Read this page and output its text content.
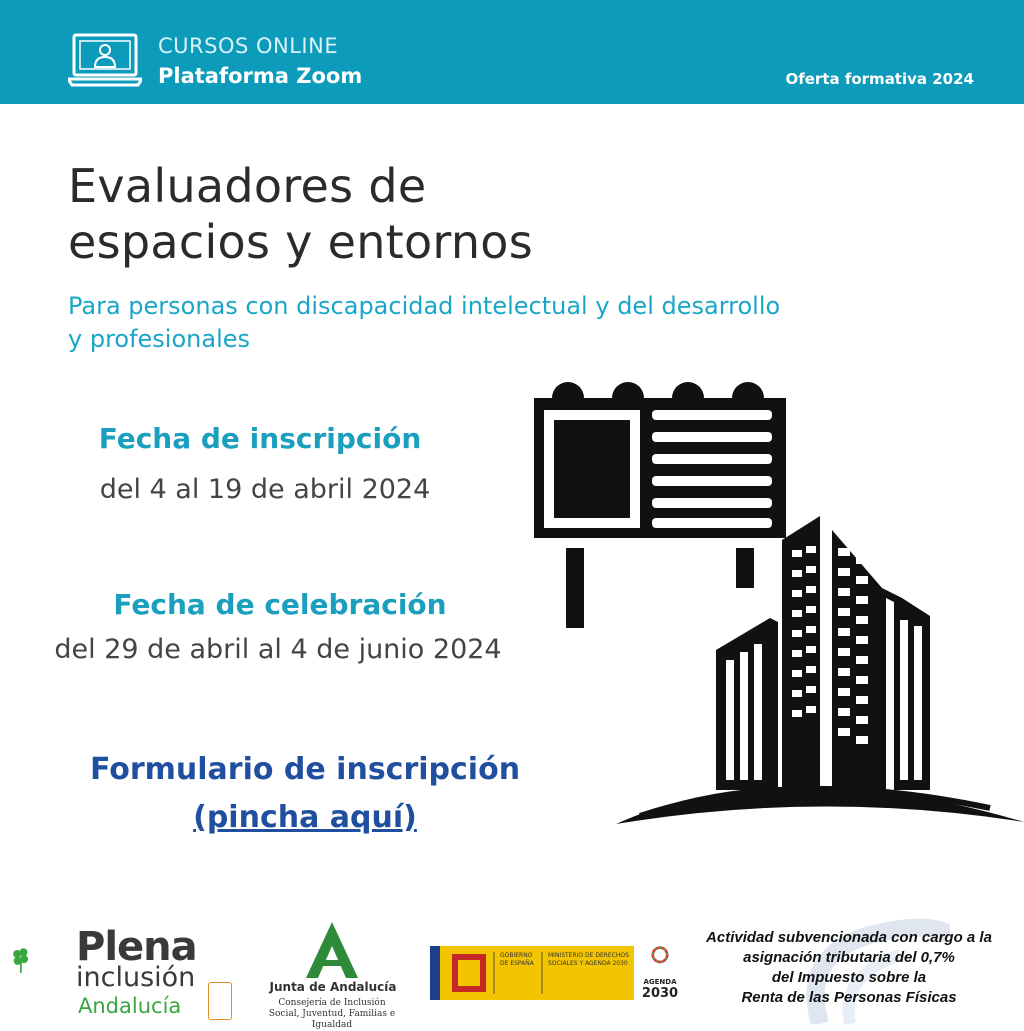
CURSOS ONLINE
Plataforma Zoom	Oferta formativa 2024
Evaluadores de
espacios y entornos
Para personas con discapacidad intelectual y del desarrollo
y profesionales
Fecha de inscripción
del 4 al 19 de abril 2024
Fecha de celebración
del 29 de abril al 4 de junio 2024
Formulario de inscripción
(pincha aquí)
Plena
inclusión
Andalucía
Junta de Andalucía
Consejería de Inclusión Social, Juventud, Familias e Igualdad
GOBIERNO DE ESPAÑA
MINISTERIO DE DERECHOS SOCIALES Y AGENDA 2030
AGENDA
2030
Actividad subvencionada con cargo a la
asignación tributaria del 0,7%
del Impuesto sobre la
Renta de las Personas Físicas
